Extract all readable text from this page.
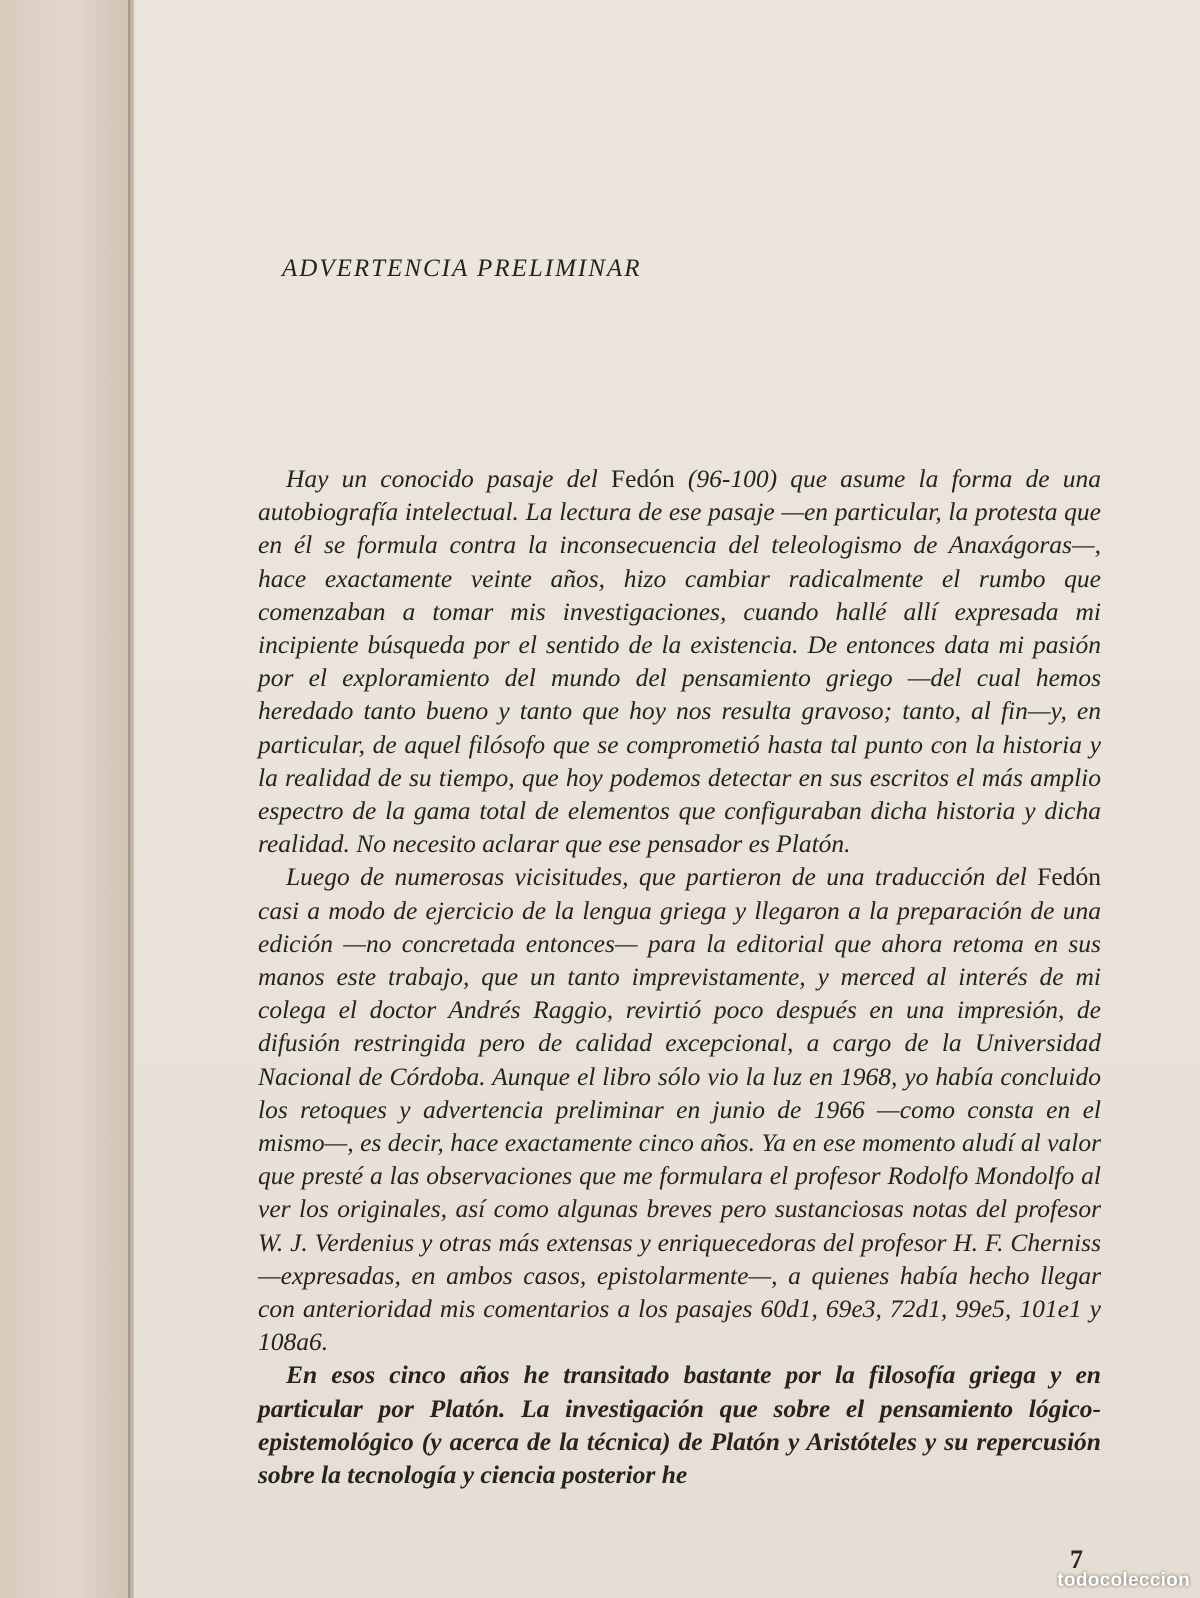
ADVERTENCIA PRELIMINAR

Hay un conocido pasaje del Fedón (96-100) que asume la forma de una autobiografía intelectual. La lectura de ese pasaje —en particular, la protesta que en él se formula contra la inconsecuencia del teleologismo de Anaxágoras—, hace exactamente veinte años, hizo cambiar radicalmente el rumbo que comenzaban a tomar mis investigaciones, cuando hallé allí expresada mi incipiente búsqueda por el sentido de la existencia. De entonces data mi pasión por el exploramiento del mundo del pensamiento griego —del cual hemos heredado tanto bueno y tanto que hoy nos resulta gravoso; tanto, al fin—y, en particular, de aquel filósofo que se comprometió hasta tal punto con la historia y la realidad de su tiempo, que hoy podemos detectar en sus escritos el más amplio espectro de la gama total de elementos que configuraban dicha historia y dicha realidad. No necesito aclarar que ese pensador es Platón.

Luego de numerosas vicisitudes, que partieron de una traducción del Fedón casi a modo de ejercicio de la lengua griega y llegaron a la preparación de una edición —no concretada entonces— para la editorial que ahora retoma en sus manos este trabajo, que un tanto imprevistamente, y merced al interés de mi colega el doctor Andrés Raggio, revirtió poco después en una impresión, de difusión restringida pero de calidad excepcional, a cargo de la Universidad Nacional de Córdoba. Aunque el libro sólo vio la luz en 1968, yo había concluido los retoques y advertencia preliminar en junio de 1966 —como consta en el mismo—, es decir, hace exactamente cinco años. Ya en ese momento aludí al valor que presté a las observaciones que me formulara el profesor Rodolfo Mondolfo al ver los originales, así como algunas breves pero sustanciosas notas del profesor W. J. Verdenius y otras más extensas y enriquecedoras del profesor H. F. Cherniss —expresadas, en ambos casos, epistolarmente—, a quienes había hecho llegar con anterioridad mis comentarios a los pasajes 60d1, 69e3, 72d1, 99e5, 101e1 y 108a6.

En esos cinco años he transitado bastante por la filosofía griega y en particular por Platón. La investigación que sobre el pensamiento lógico-epistemológico (y acerca de la técnica) de Platón y Aristóteles y su repercusión sobre la tecnología y ciencia posterior he

7
todocoleccion
